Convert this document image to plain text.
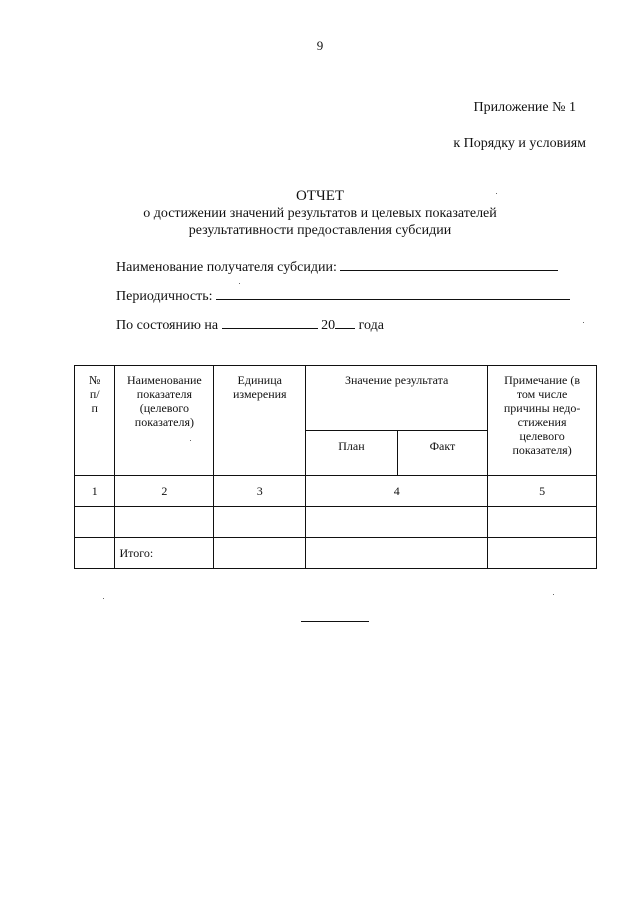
9
Приложение № 1
к Порядку и условиям
ОТЧЕТ
о достижении значений результатов и целевых показателей
результативности предоставления субсидии
Наименование получателя субсидии:
Периодичность:
По состоянию на	20 года
№ п/п	Наименование показателя (целевого показателя)	Единица измерения	Значение результата		Примечание (в том числе причины недо-стижения целевого показателя)
			План	Факт	
1	2	3	4		5

	Итого:				
